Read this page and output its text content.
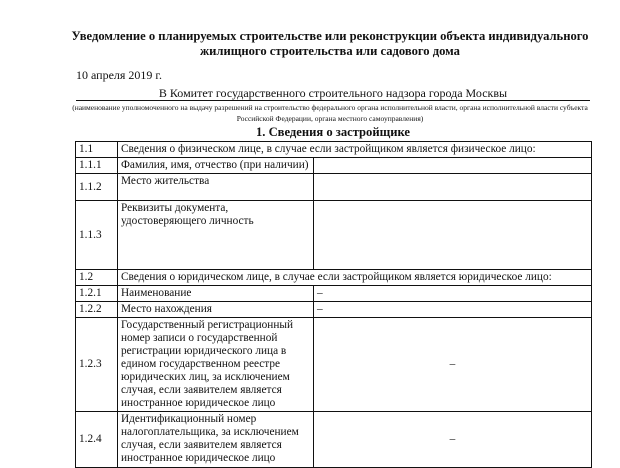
Уведомление о планируемых строительстве или реконструкции объекта индивидуального жилищного строительства или садового дома
10 апреля 2019 г.
В Комитет государственного строительного надзора города Москвы
(наименование уполномоченного на выдачу разрешений на строительство федерального органа исполнительной власти, органа исполнительной власти субъекта Российской Федерации, органа местного самоуправления)
1. Сведения о застройщике
1.1	Сведения о физическом лице, в случае если застройщиком является физическое лицо:	
1.1.1	Фамилия, имя, отчество (при наличии)	
1.1.2	Место жительства	
1.1.3	Реквизиты документа, удостоверяющего личность	
1.2	Сведения о юридическом лице, в случае если застройщиком является юридическое лицо:	
1.2.1	Наименование	–
1.2.2	Место нахождения	–
1.2.3	Государственный регистрационный номер записи о государственной регистрации юридического лица в едином государственном реестре юридических лиц, за исключением случая, если заявителем является иностранное юридическое лицо	–
1.2.4	Идентификационный номер налогоплательщика, за исключением случая, если заявителем является иностранное юридическое лицо	–
